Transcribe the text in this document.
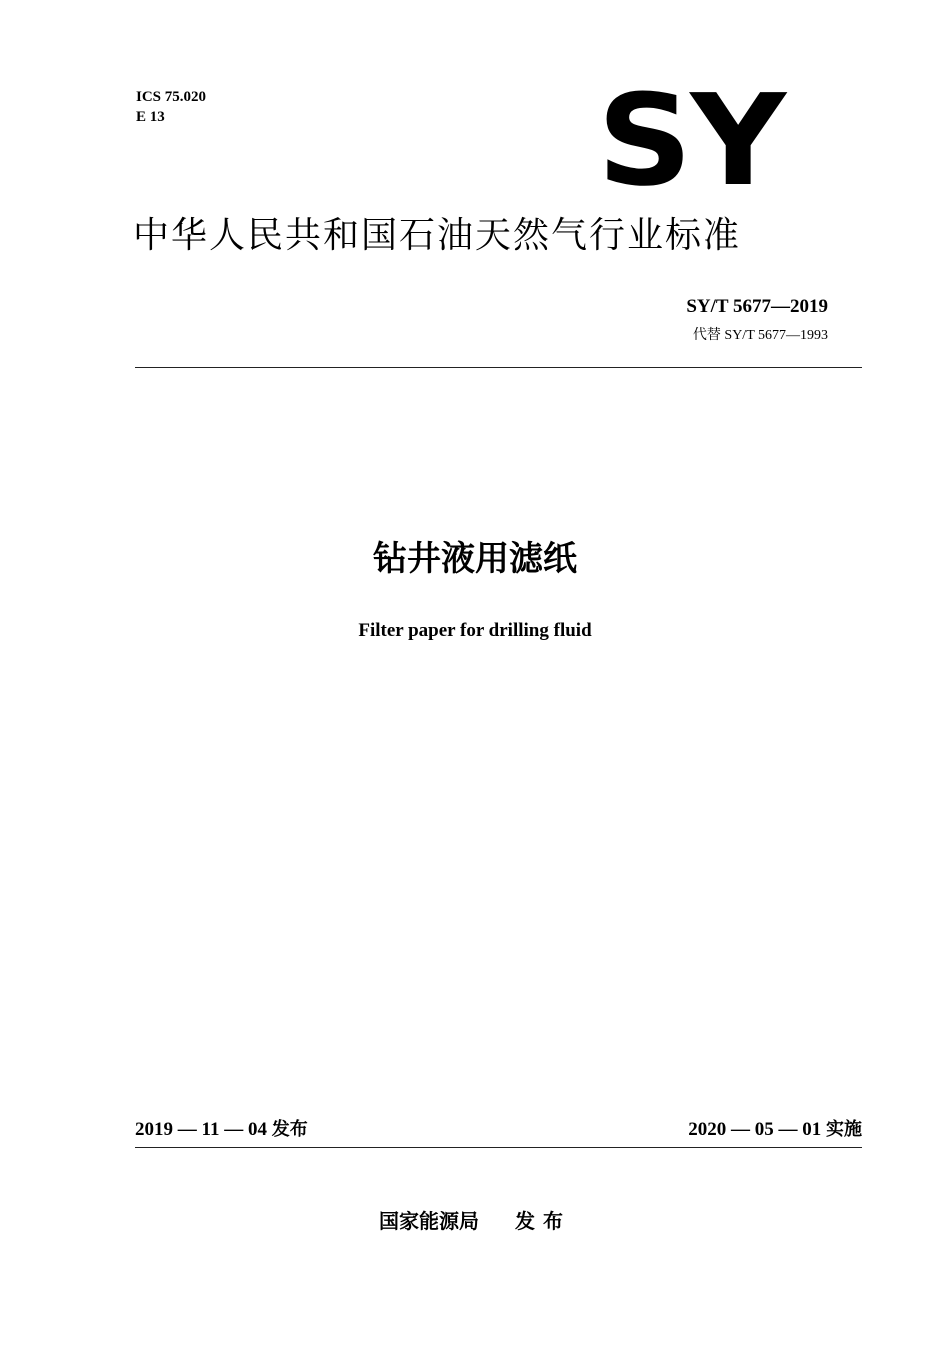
ICS 75.020
E 13	SY
中华人民共和国石油天然气行业标准
SY/T 5677—2019
代替 SY/T 5677—1993
钻井液用滤纸
Filter paper for drilling fluid
2019 — 11 — 04 发布	2020 — 05 — 01 实施
国家能源局 发布
